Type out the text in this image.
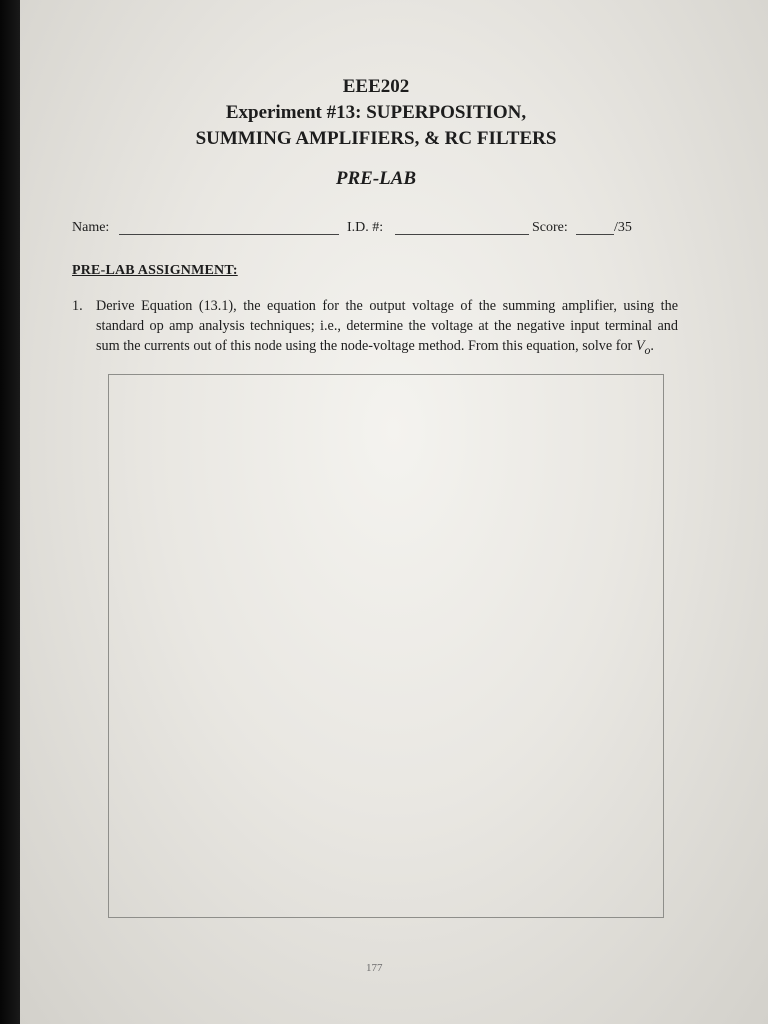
EEE202
Experiment #13: SUPERPOSITION,
SUMMING AMPLIFIERS, & RC FILTERS
PRE-LAB
Name:	I.D. #:	Score:	/35
PRE-LAB ASSIGNMENT:
1. Derive Equation (13.1), the equation for the output voltage of the summing amplifier, using the standard op amp analysis techniques; i.e., determine the voltage at the negative input terminal and sum the currents out of this node using the node-voltage method. From this equation, solve for $V_o$.
177
